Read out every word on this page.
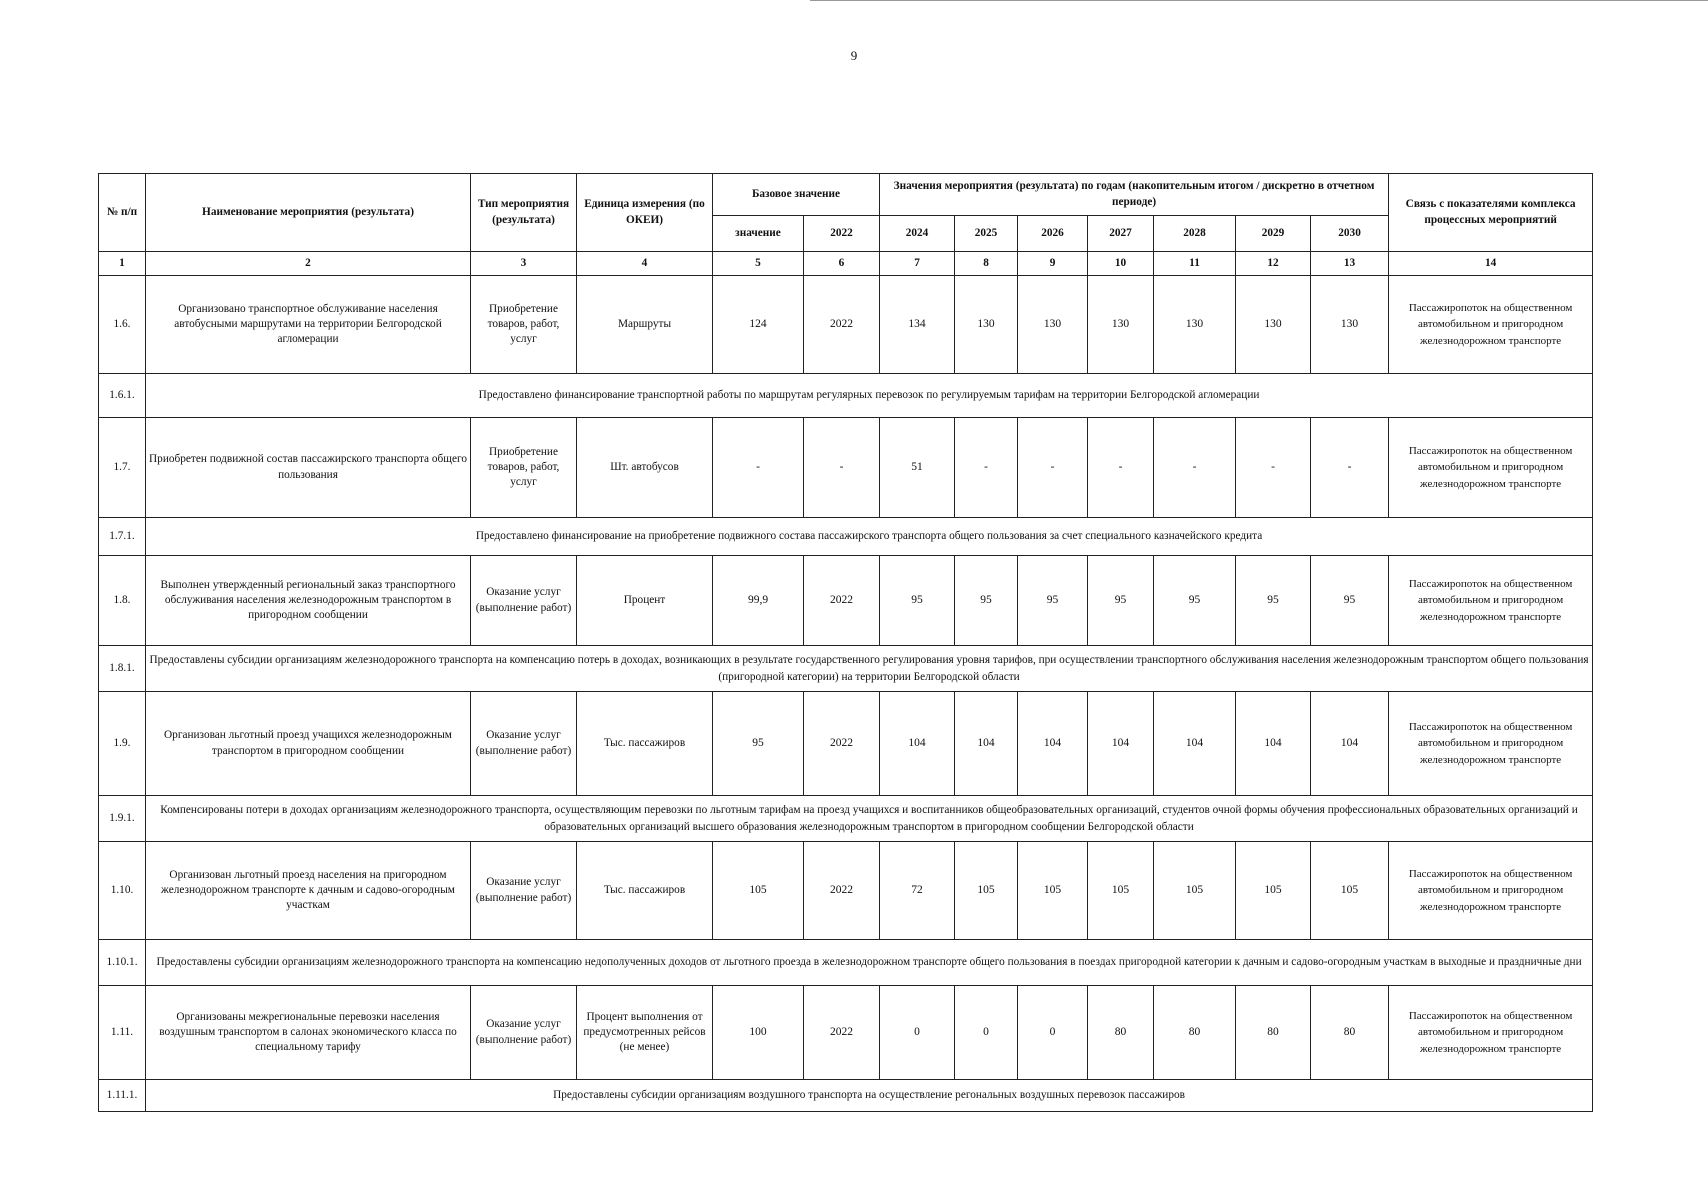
9
№ п/п	Наименование мероприятия (результата)	Тип мероприятия (результата)	Единица измерения (по ОКЕИ)	Базовое значение		Значения мероприятия (результата) по годам (накопительным итогом / дискретно в отчетном периоде)							Связь с показателями комплекса процессных мероприятий
				значение	2022	2024	2025	2026	2027	2028	2029	2030	
1	2	3	4	5	6	7	8	9	10	11	12	13	14
1.6.	Организовано транспортное обслуживание населения автобусными маршрутами на территории Белгородской агломерации	Приобретение товаров, работ, услуг	Маршруты	124	2022	134	130	130	130	130	130	130	Пассажиропоток на общественном автомобильном и пригородном железнодорожном транспорте
1.6.1.	Предоставлено финансирование транспортной работы по маршрутам регулярных перевозок по регулируемым тарифам на территории Белгородской агломерации												
1.7.	Приобретен подвижной состав пассажирского транспорта общего пользования	Приобретение товаров, работ, услуг	Шт. автобусов	-	-	51	-	-	-	-	-	-	Пассажиропоток на общественном автомобильном и пригородном железнодорожном транспорте
1.7.1.	Предоставлено финансирование на приобретение подвижного состава пассажирского транспорта общего пользования за счет специального казначейского кредита												
1.8.	Выполнен утвержденный региональный заказ транспортного обслуживания населения железнодорожным транспортом в пригородном сообщении	Оказание услуг (выполнение работ)	Процент	99,9	2022	95	95	95	95	95	95	95	Пассажиропоток на общественном автомобильном и пригородном железнодорожном транспорте
1.8.1.	Предоставлены субсидии организациям железнодорожного транспорта на компенсацию потерь в доходах, возникающих в результате государственного регулирования уровня тарифов, при осуществлении транспортного обслуживания населения железнодорожным транспортом общего пользования (пригородной категории) на территории Белгородской области												
1.9.	Организован льготный проезд учащихся железнодорожным транспортом в пригородном сообщении	Оказание услуг (выполнение работ)	Тыс. пассажиров	95	2022	104	104	104	104	104	104	104	Пассажиропоток на общественном автомобильном и пригородном железнодорожном транспорте
1.9.1.	Компенсированы потери в доходах организациям железнодорожного транспорта, осуществляющим перевозки по льготным тарифам на проезд учащихся и воспитанников общеобразовательных организаций, студентов очной формы обучения профессиональных образовательных организаций и образовательных организаций высшего образования железнодорожным транспортом в пригородном сообщении Белгородской области												
1.10.	Организован льготный проезд населения на пригородном железнодорожном транспорте к дачным и садово-огородным участкам	Оказание услуг (выполнение работ)	Тыс. пассажиров	105	2022	72	105	105	105	105	105	105	Пассажиропоток на общественном автомобильном и пригородном железнодорожном транспорте
1.10.1.	Предоставлены субсидии организациям железнодорожного транспорта на компенсацию недополученных доходов от льготного проезда в железнодорожном транспорте общего пользования в поездах пригородной категории к дачным и садово-огородным участкам в выходные и праздничные дни												
1.11.	Организованы межрегиональные перевозки населения воздушным транспортом в салонах экономического класса по специальному тарифу	Оказание услуг (выполнение работ)	Процент выполнения от предусмотренных рейсов (не менее)	100	2022	0	0	0	80	80	80	80	Пассажиропоток на общественном автомобильном и пригородном железнодорожном транспорте
1.11.1.	Предоставлены субсидии организациям воздушного транспорта на осуществление регональных воздушных перевозок пассажиров												
